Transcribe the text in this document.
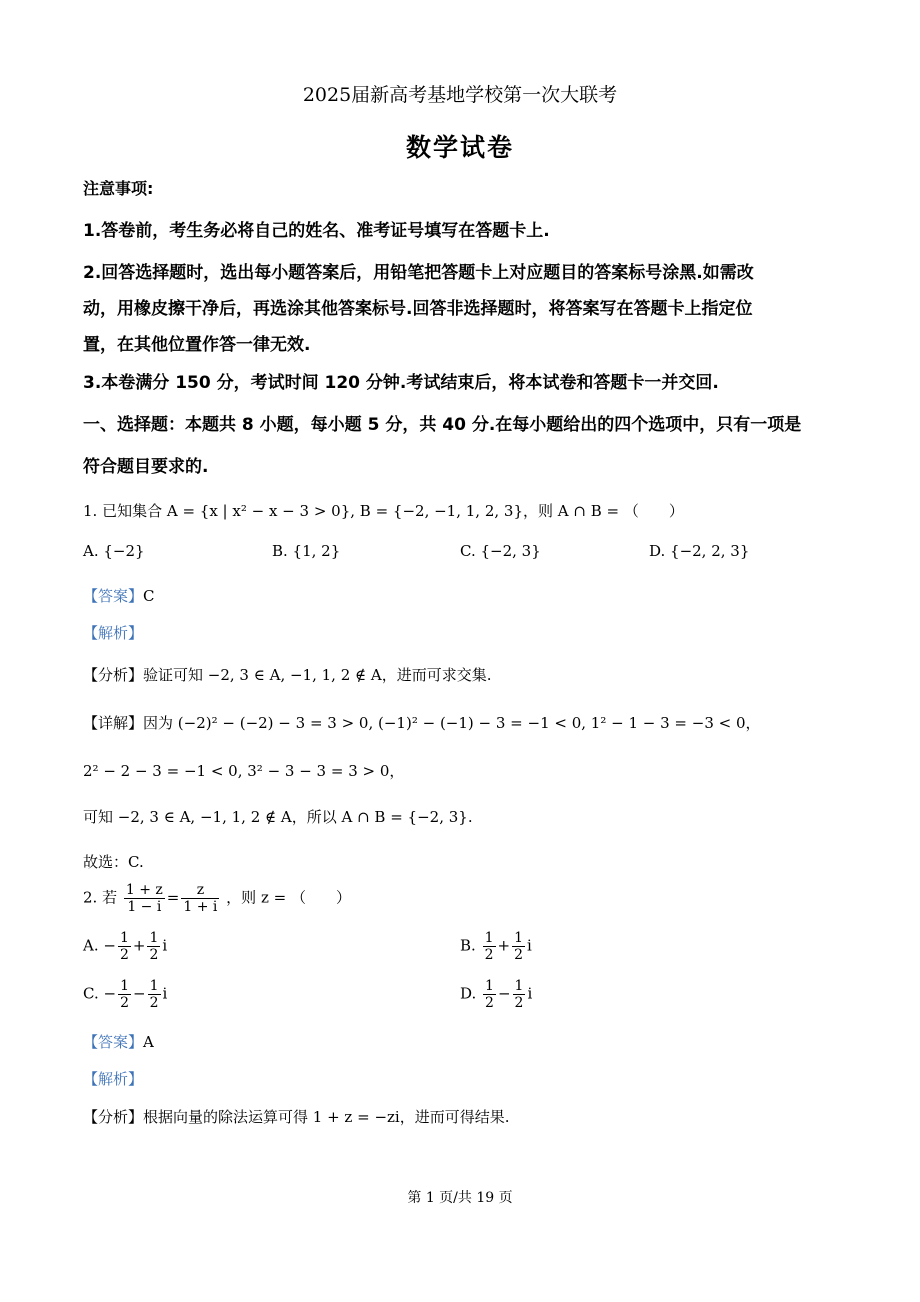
2025届新高考基地学校第一次大联考
数学试卷
注意事项:
1.答卷前，考生务必将自己的姓名、准考证号填写在答题卡上.
2.回答选择题时，选出每小题答案后，用铅笔把答题卡上对应题目的答案标号涂黑.如需改
动，用橡皮擦干净后，再选涂其他答案标号.回答非选择题时，将答案写在答题卡上指定位
置，在其他位置作答一律无效.
3.本卷满分 150 分，考试时间 120 分钟.考试结束后，将本试卷和答题卡一并交回.
一、选择题：本题共 8 小题，每小题 5 分，共 40 分.在每小题给出的四个选项中，只有一项是
符合题目要求的.
1. 已知集合 A = {x | x² − x − 3 > 0}, B = {−2, −1, 1, 2, 3}，则 A ∩ B = （　　）
A. {−2}	B. {1, 2}	C. {−2, 3}	D. {−2, 2, 3}
【答案】C
【解析】
【分析】验证可知 −2, 3 ∈ A, −1, 1, 2 ∉ A，进而可求交集.
【详解】因为 (−2)² − (−2) − 3 = 3 > 0, (−1)² − (−1) − 3 = −1 < 0, 1² − 1 − 3 = −3 < 0，
2² − 2 − 3 = −1 < 0, 3² − 3 − 3 = 3 > 0，
可知 −2, 3 ∈ A, −1, 1, 2 ∉ A，所以 A ∩ B = {−2, 3}.
故选：C.
2. 若 $\frac{1 + z}{1 - i} = \frac{z}{1 + i}$ ，则 z = （　　）
A. − $\frac{1}{2} + \frac{1}{2}$ i	B. $\frac{1}{2} + \frac{1}{2}$ i
C. − $\frac{1}{2} - \frac{1}{2}$ i	D. $\frac{1}{2} - \frac{1}{2}$ i
【答案】A
【解析】
【分析】根据向量的除法运算可得 1 + z = −zi，进而可得结果.
第 1 页/共 19 页
